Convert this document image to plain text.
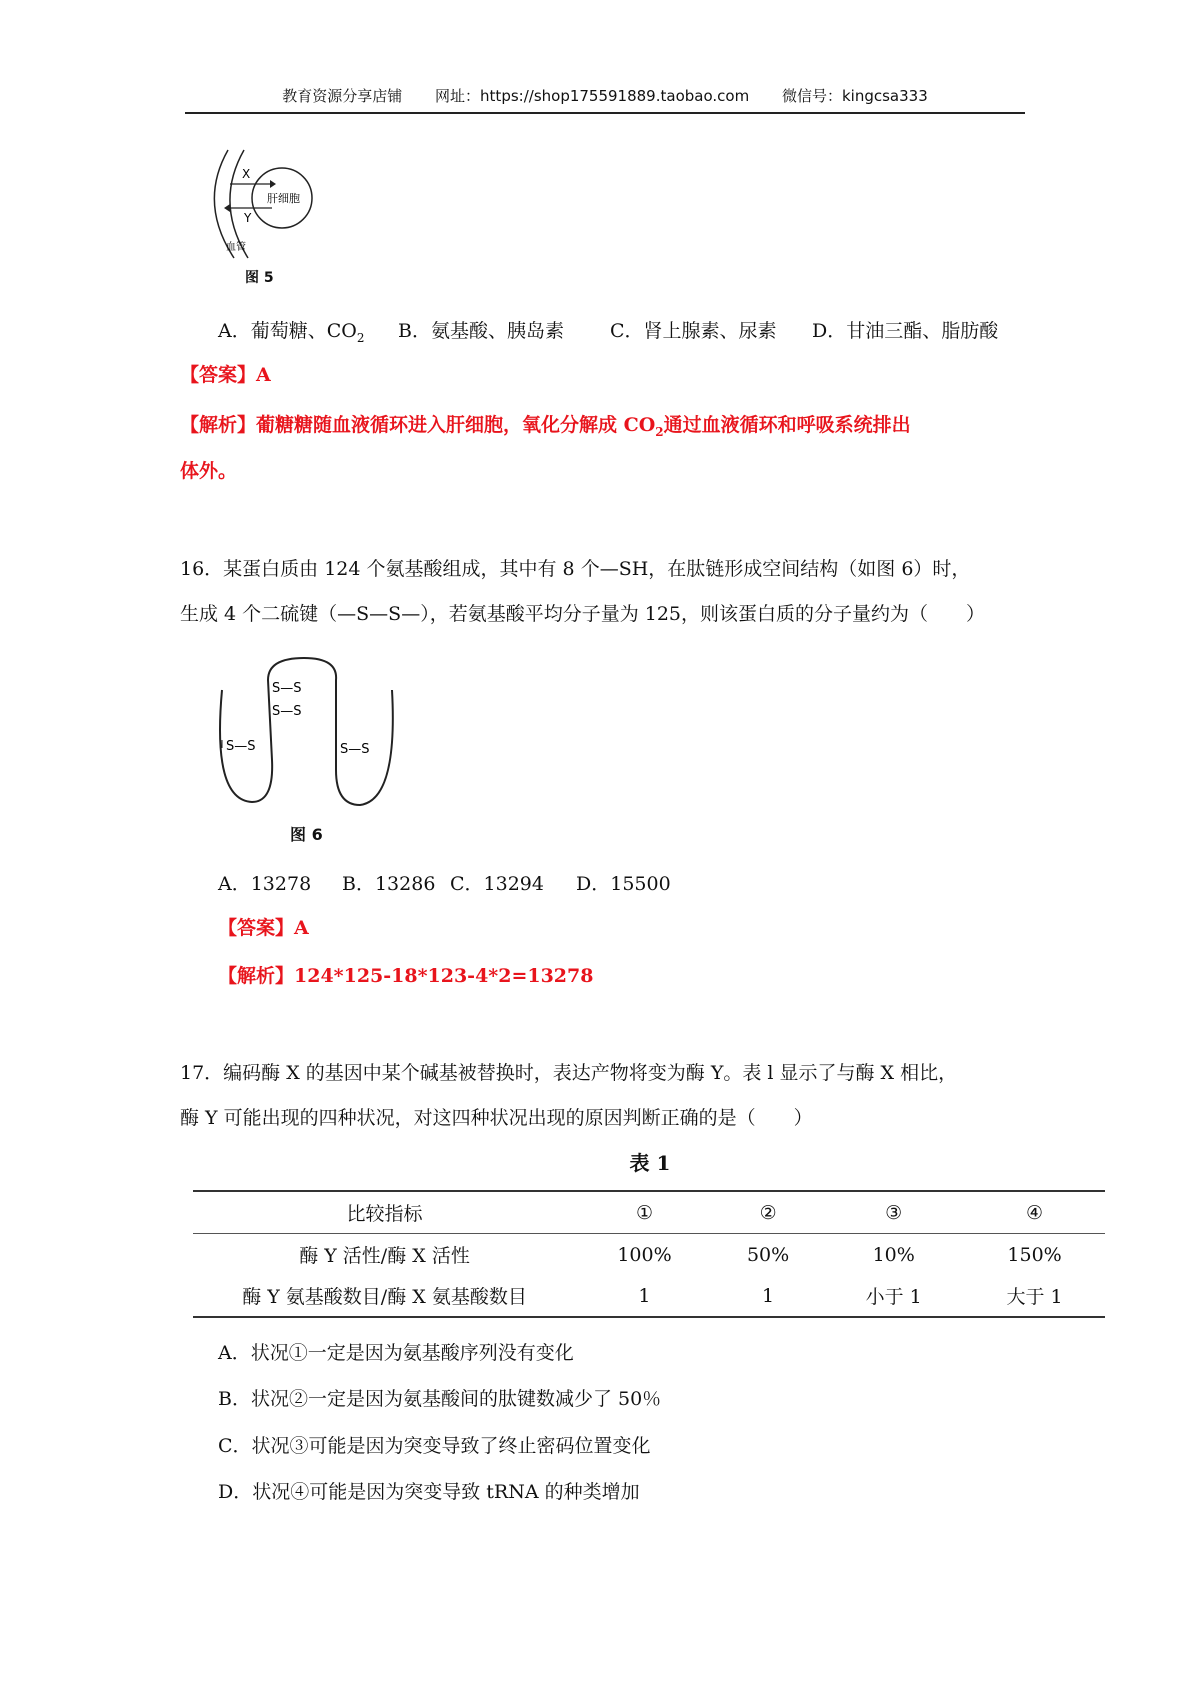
教育资源分享店铺 网址：https://shop175591889.taobao.com 微信号：kingcsa333
X
Y
肝细胞
血管
图 5
A．葡萄糖、$CO_2$ B．氨基酸、胰岛素 C．肾上腺素、尿素 D．甘油三酯、脂肪酸
【答案】A
【解析】葡糖糖随血液循环进入肝细胞，氧化分解成 $CO_2$通过血液循环和呼吸系统排出
体外。
16．某蛋白质由 124 个氨基酸组成，其中有 8 个—SH，在肽链形成空间结构（如图 6）时，
生成 4 个二硫键（—S—S—），若氨基酸平均分子量为 125，则该蛋白质的分子量约为（　　）
S—S
S—S
S—S	S—S
图 6
A．13278 B．13286 C．13294 D．15500
【答案】A
【解析】124*125-18*123-4*2=13278
17．编码酶 X 的基因中某个碱基被替换时，表达产物将变为酶 Y。表 l 显示了与酶 X 相比，
酶 Y 可能出现的四种状况，对这四种状况出现的原因判断正确的是（　　）
表 1
比较指标	①	②	③	④
酶 Y 活性/酶 X 活性	100%	50%	10%	150%
酶 Y 氨基酸数目/酶 X 氨基酸数目	1	1	小于 1	大于 1
A．状况①一定是因为氨基酸序列没有变化
B．状况②一定是因为氨基酸间的肽键数减少了 50％
C．状况③可能是因为突变导致了终止密码位置变化
D．状况④可能是因为突变导致 tRNA 的种类增加
